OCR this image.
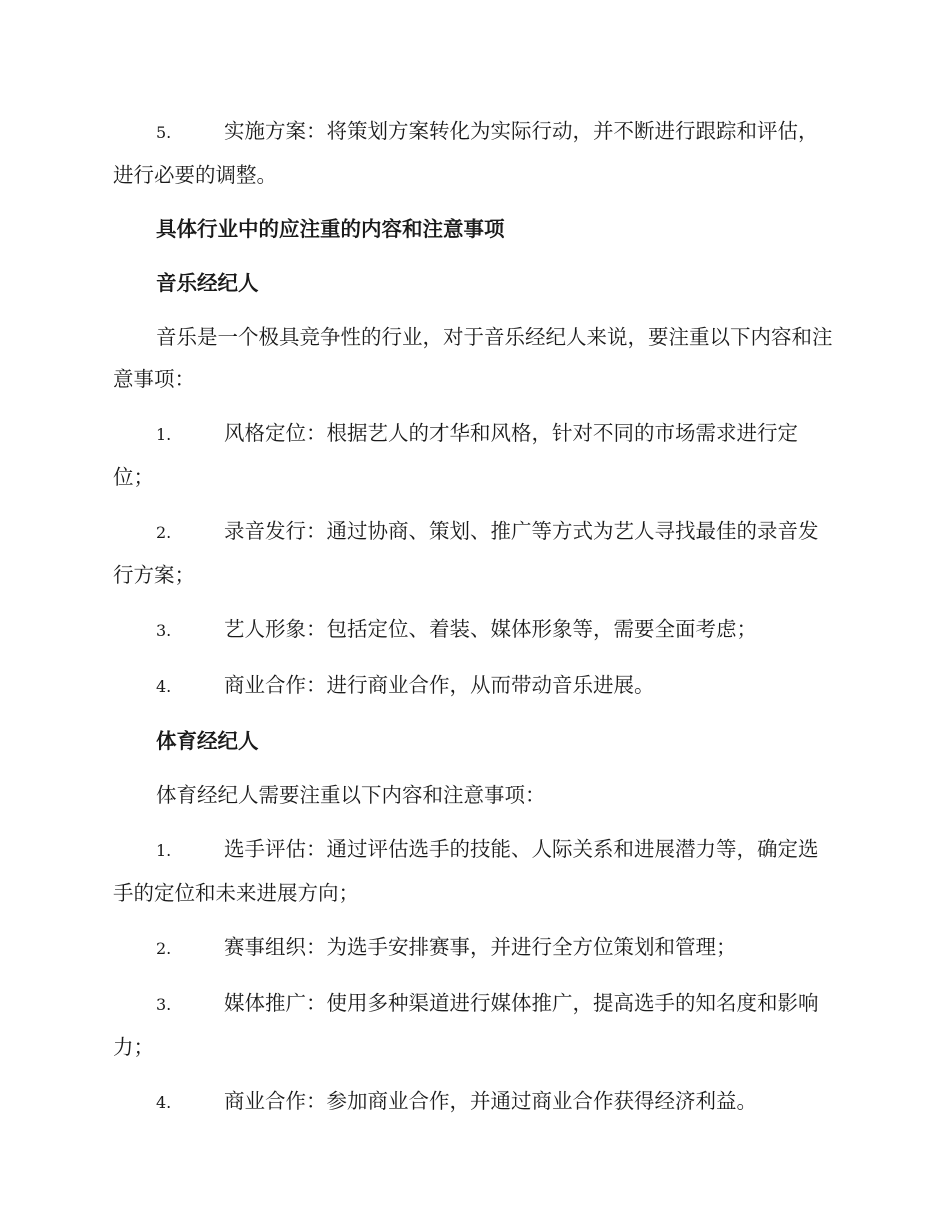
5.	实施方案：将策划方案转化为实际行动，并不断进行跟踪和评估，进行必要的调整。

具体行业中的应注重的内容和注意事项

音乐经纪人

音乐是一个极具竞争性的行业，对于音乐经纪人来说，要注重以下内容和注意事项：

1.	风格定位：根据艺人的才华和风格，针对不同的市场需求进行定位；

2.	录音发行：通过协商、策划、推广等方式为艺人寻找最佳的录音发行方案；

3.	艺人形象：包括定位、着装、媒体形象等，需要全面考虑；

4.	商业合作：进行商业合作，从而带动音乐进展。

体育经纪人

体育经纪人需要注重以下内容和注意事项：

1.	选手评估：通过评估选手的技能、人际关系和进展潜力等，确定选手的定位和未来进展方向；

2.	赛事组织：为选手安排赛事，并进行全方位策划和管理；

3.	媒体推广：使用多种渠道进行媒体推广，提高选手的知名度和影响力；

4.	商业合作：参加商业合作，并通过商业合作获得经济利益。
